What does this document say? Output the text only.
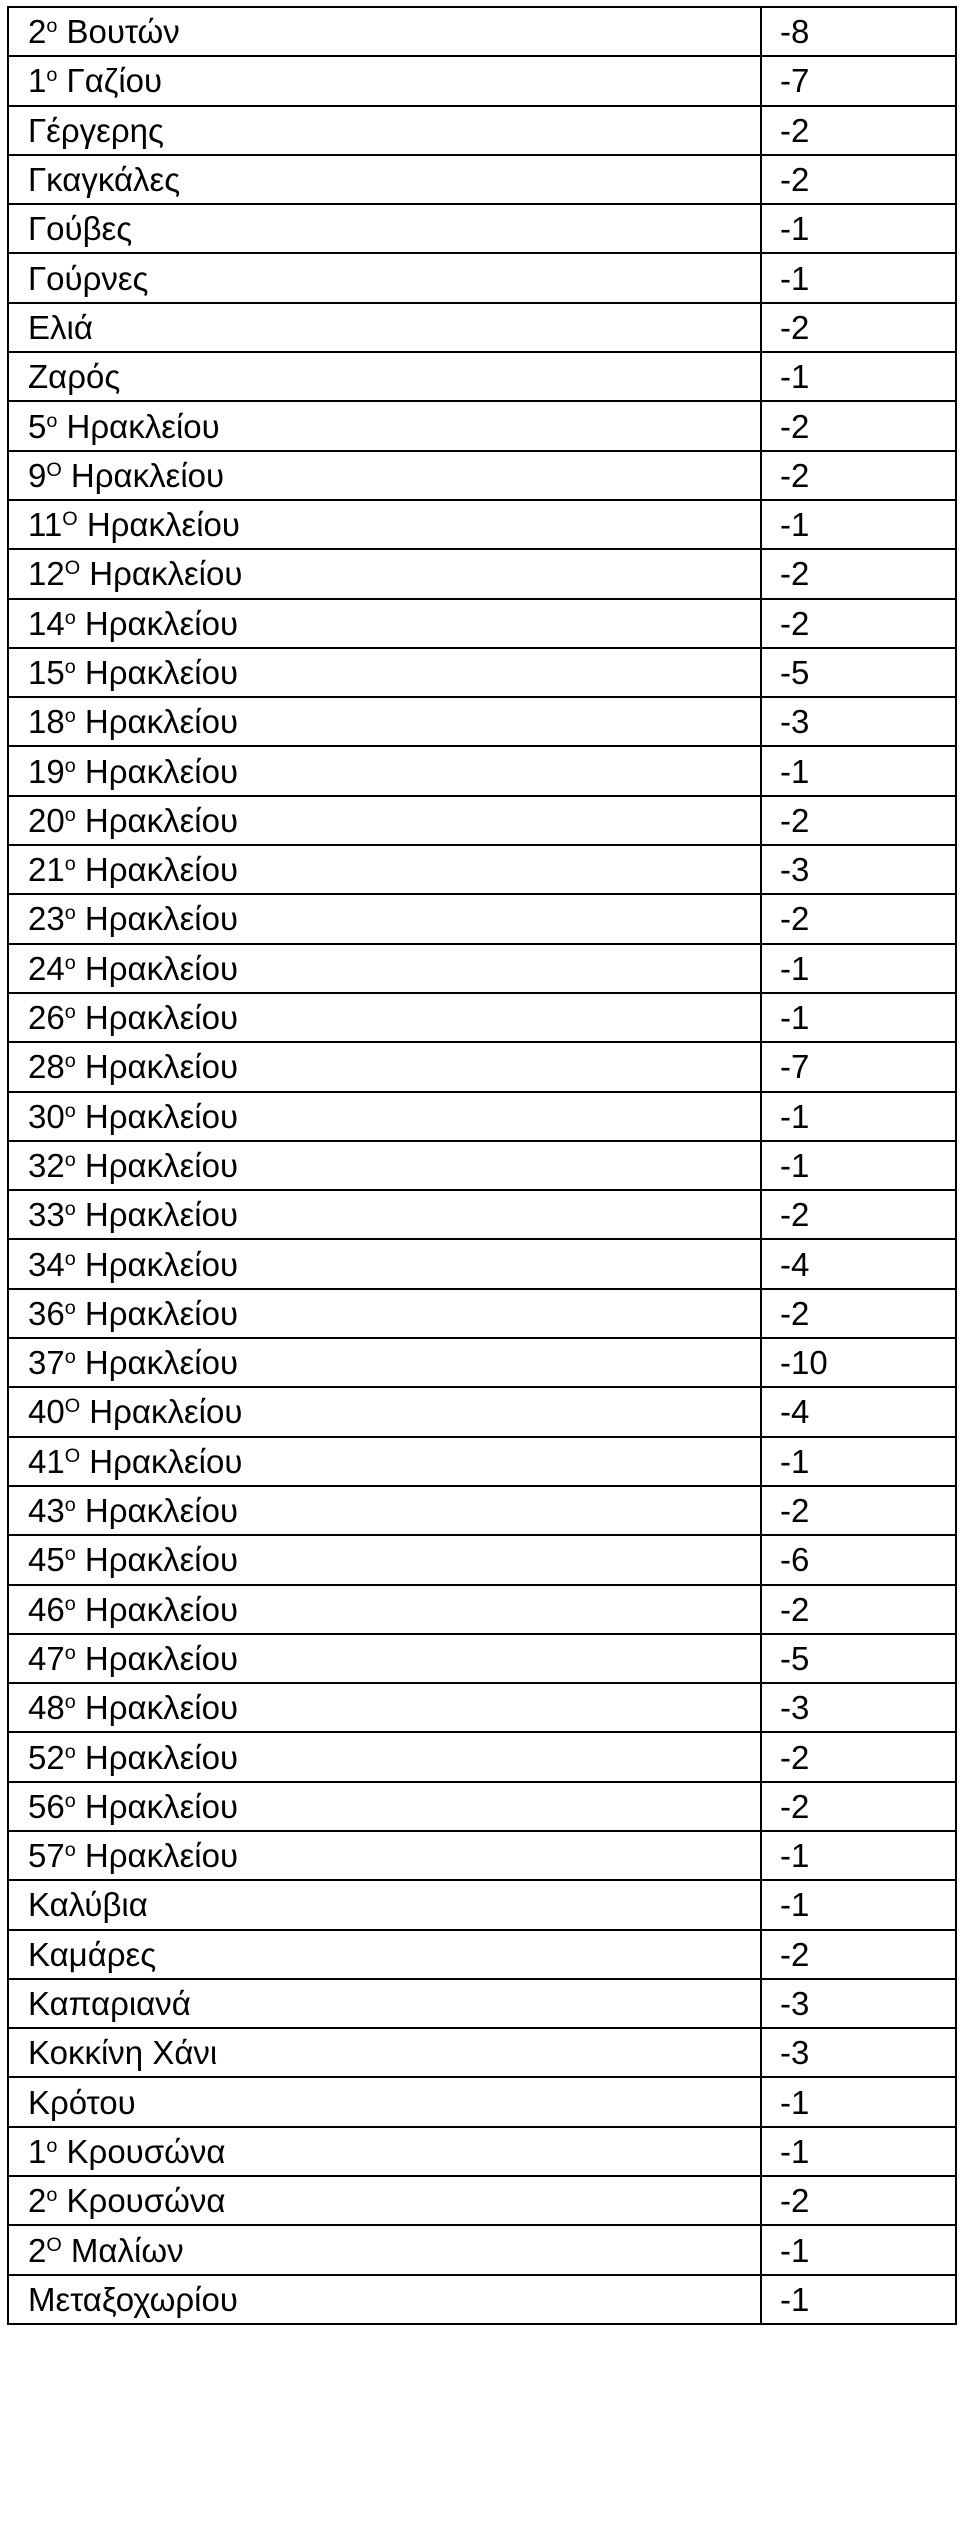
$2^o$ Βουτών	-8
$1^o$ Γαζίου	-7
Γέργερης	-2
Γκαγκάλες	-2
Γούβες	-1
Γούρνες	-1
Ελιά	-2
Ζαρός	-1
$5^o$ Ηρακλείου	-2
$9^O$ Ηρακλείου	-2
$11^O$ Ηρακλείου	-1
$12^O$ Ηρακλείου	-2
$14^o$ Ηρακλείου	-2
$15^o$ Ηρακλείου	-5
$18^o$ Ηρακλείου	-3
$19^o$ Ηρακλείου	-1
$20^o$ Ηρακλείου	-2
$21^o$ Ηρακλείου	-3
$23^o$ Ηρακλείου	-2
$24^o$ Ηρακλείου	-1
$26^o$ Ηρακλείου	-1
$28^o$ Ηρακλείου	-7
$30^o$ Ηρακλείου	-1
$32^o$ Ηρακλείου	-1
$33^o$ Ηρακλείου	-2
$34^o$ Ηρακλείου	-4
$36^o$ Ηρακλείου	-2
$37^o$ Ηρακλείου	-10
$40^O$ Ηρακλείου	-4
$41^O$ Ηρακλείου	-1
$43^o$ Ηρακλείου	-2
$45^o$ Ηρακλείου	-6
$46^o$ Ηρακλείου	-2
$47^o$ Ηρακλείου	-5
$48^o$ Ηρακλείου	-3
$52^o$ Ηρακλείου	-2
$56^o$ Ηρακλείου	-2
$57^o$ Ηρακλείου	-1
Καλύβια	-1
Καμάρες	-2
Καπαριανά	-3
Κοκκίνη Χάνι	-3
Κρότου	-1
$1^o$ Κρουσώνα	-1
$2^o$ Κρουσώνα	-2
$2^O$ Μαλίων	-1
Μεταξοχωρίου	-1
